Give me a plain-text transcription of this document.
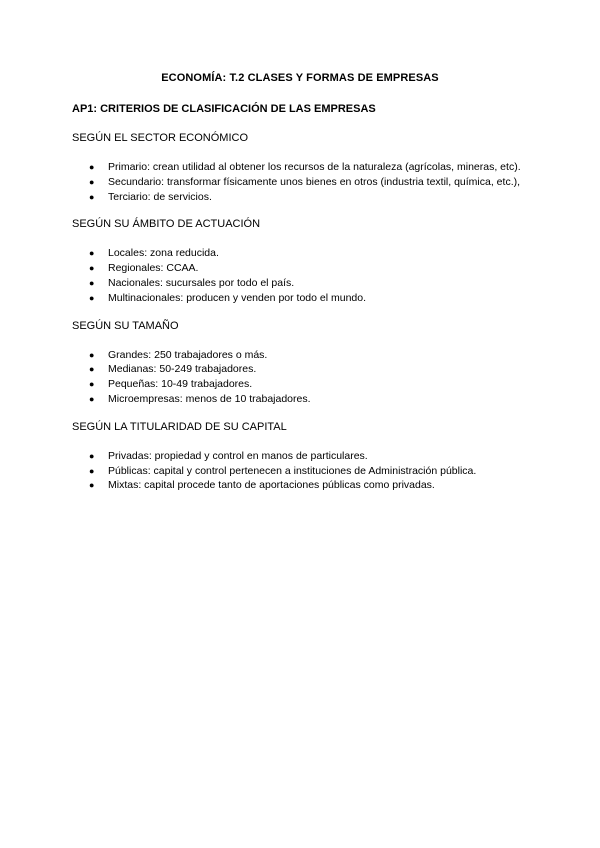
ECONOMÍA: T.2 CLASES Y FORMAS DE EMPRESAS
AP1: CRITERIOS DE CLASIFICACIÓN DE LAS EMPRESAS
SEGÚN EL SECTOR ECONÓMICO
● Primario: crean utilidad al obtener los recursos de la naturaleza (agrícolas, mineras, etc).
● Secundario: transformar físicamente unos bienes en otros (industria textil, química, etc.),
● Terciario: de servicios.
SEGÚN SU ÁMBITO DE ACTUACIÓN
● Locales: zona reducida.
● Regionales: CCAA.
● Nacionales: sucursales por todo el país.
● Multinacionales: producen y venden por todo el mundo.
SEGÚN SU TAMAÑO
● Grandes: 250 trabajadores o más.
● Medianas: 50-249 trabajadores.
● Pequeñas: 10-49 trabajadores.
● Microempresas: menos de 10 trabajadores.
SEGÚN LA TITULARIDAD DE SU CAPITAL
● Privadas: propiedad y control en manos de particulares.
● Públicas: capital y control pertenecen a instituciones de Administración pública.
● Mixtas: capital procede tanto de aportaciones públicas como privadas.
